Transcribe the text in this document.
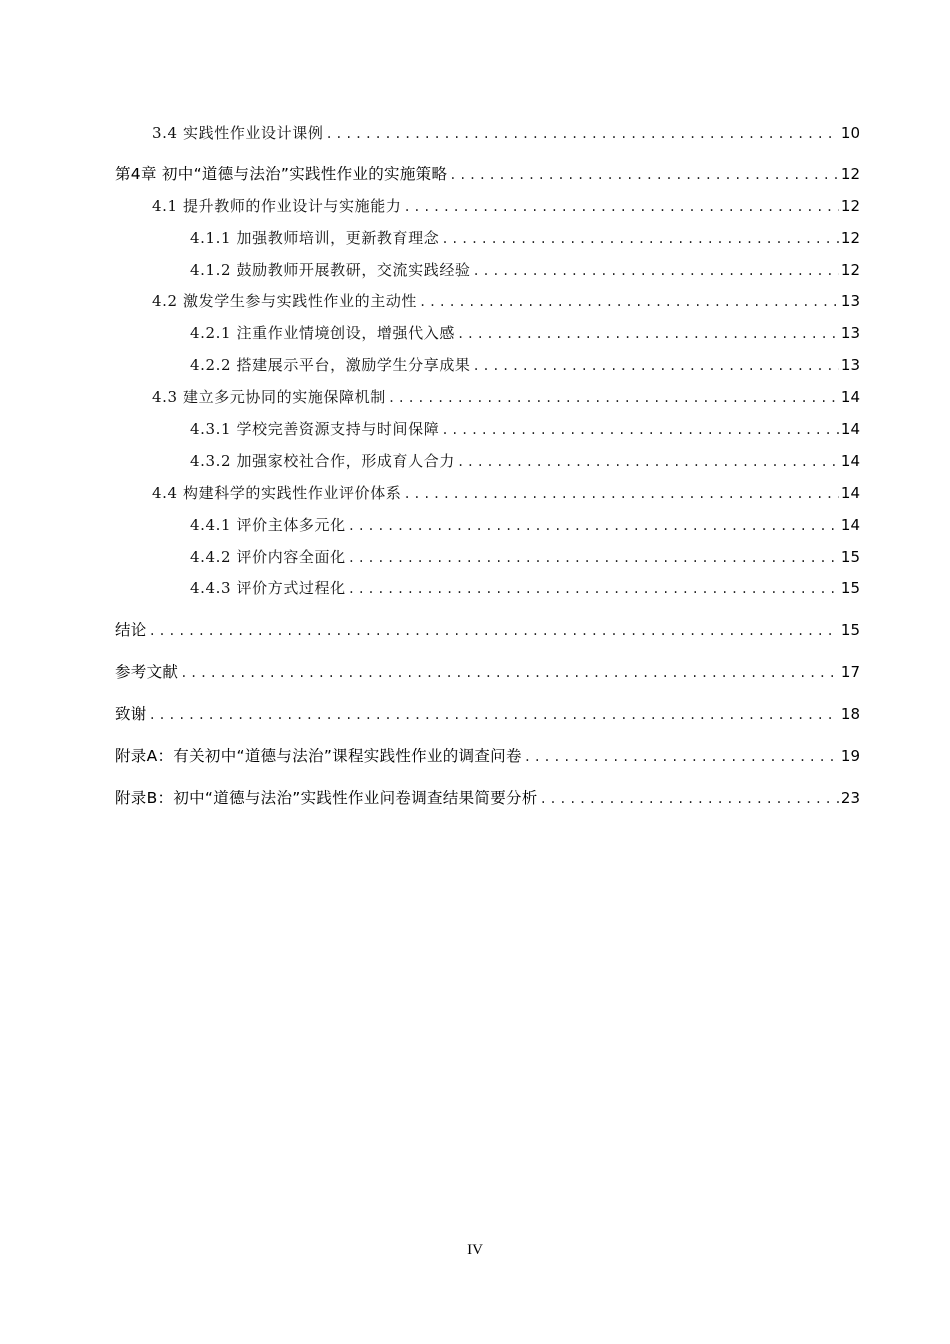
3.4 实践性作业设计课例 .....	10
第4章 初中“道德与法治”实践性作业的实施策略 .....	12
4.1 提升教师的作业设计与实施能力 .....	12
4.1.1 加强教师培训，更新教育理念 .....	12
4.1.2 鼓励教师开展教研，交流实践经验 .....	12
4.2 激发学生参与实践性作业的主动性 .....	13
4.2.1 注重作业情境创设，增强代入感 .....	13
4.2.2 搭建展示平台，激励学生分享成果 .....	13
4.3 建立多元协同的实施保障机制 .....	14
4.3.1 学校完善资源支持与时间保障 .....	14
4.3.2 加强家校社合作，形成育人合力 .....	14
4.4 构建科学的实践性作业评价体系 .....	14
4.4.1 评价主体多元化 .....	14
4.4.2 评价内容全面化 .....	15
4.4.3 评价方式过程化 .....	15
结论 .....	15
参考文献 .....	17
致谢 .....	18
附录A：有关初中“道德与法治”课程实践性作业的调查问卷 .....	19
附录B：初中“道德与法治”实践性作业问卷调查结果简要分析 .....	23
IV
